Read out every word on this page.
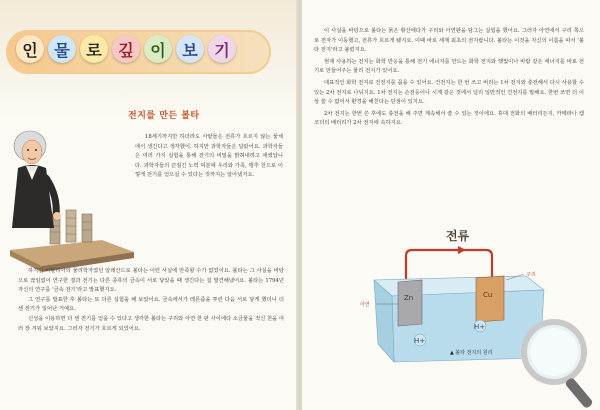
인	물	로	깊	이	보	기
전지를 만든 볼타
18세기까지만 하더라도 사람들은 전류가 흐르지 않는 물체에서 생긴다고 생각했어. 하지만 과학자들은 달랐어요. 과학자들은 여러 가지 실험을 통해 전기의 비밀을 밝혀내려고 애썼답니다. 과학자들의 끈질긴 노력 덕분에 우리와 가족, 맹추 천으로 이렇게 전기를 얻으실 수 있다는 것까지는 알아냈지요.

하지만 이탈리아의 물리학자였던 알레산드로 볼타는 이런 사실에 만족할 수가 없었어요. 볼타는 그 사실을 바탕으로 끊임없이 연구한 결과 전기는 다른 종류의 금속이 서로 닿았을 때 생긴다는 걸 발견해냈어요. 볼타는 1794년 자신의 연구를 '금속 전기'라고 발표했지요.

그 연구를 발표한 후 볼타는 또 다른 실험을 해 보았어요. 금속에서가 레몬즙을 투린 다음 서로 닿게 했더니 더 센 전기가 일어난 거예요.

신성을 이용하면 더 센 전기를 얻을 수 있다고 생각한 볼타는 구리와 아연 한 판 사이에다 소금물을 적신 천을 여러 장 겨워 보았지요. 그러자 전기가 흐르게 되었어요.

이 사실을 바탕으로 볼타는 묽은 황산에다가 구리와 아연판을 담그는 실험을 했어요. 그러자 아연에서 구리 쪽으로 전자가 이동했고, 전류가 흐르게 됐지요. 이때 바로 세계 최초의 전지랍니다. 볼타는 이것을 자신의 이름을 따서 '볼타 전지'라고 불렀지요.

현재 사용하는 전지는 화학 반응을 통해 전기 에너지를 만드는 화학 전지와 햇빛이나 바람 같은 에너지를 바로 전기로 만들어주는 물리 전지가 있어요.

대표적인 화학 전지로 건전지를 꼽을 수 있어요. 건전지는 한 번 쓰고 버리는 1차 전지와 충전해서 다시 사용할 수 있는 2차 전지로 나뉘지요. 1차 전지는 손전등이나 시계 같은 것에서 널리 일반적인 건전지를 말해요. 한번 쓰면 더 이상 쓸 수 없어서 환경을 해친다는 단점이 있지요.

2차 전지는 한번 쓴 후에도 충전을 해 주면 계속해서 쓸 수 있는 것이에요. 휴대 전화의 배터리든지, 카메라나 캠코더의 배터리가 2차 전지에 속하지요.

전류
Zn	Cu
H+
H+
구리
아연
▲ 볼타 전지의 원리
